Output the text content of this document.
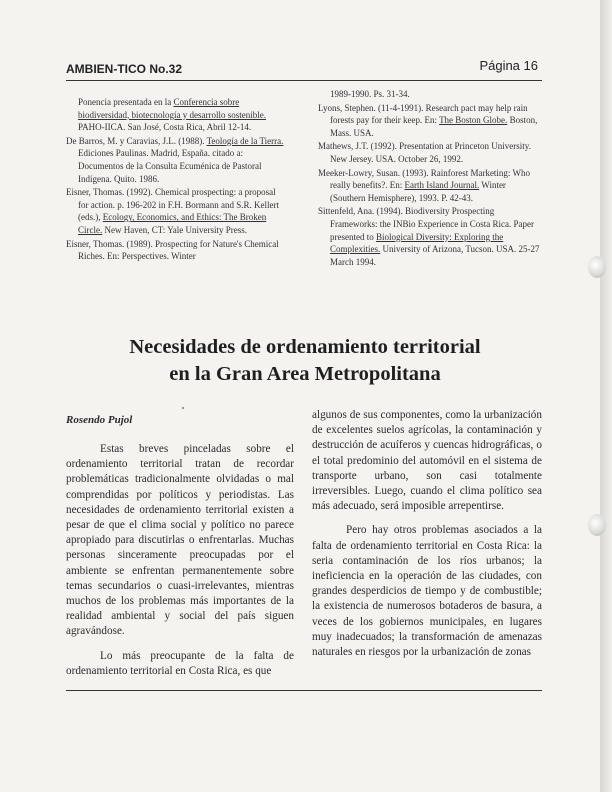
AMBIEN-TICO No.32	Página 16

Ponencia presentada en la Conferencia sobre biodiversidad, biotecnología y desarrollo sostenible. PAHO-IICA. San José, Costa Rica, Abril 12-14.

De Barros, M. y Caravias, J.L. (1988). Teología de la Tierra. Ediciones Paulinas. Madrid, España. citado a: Documentos de la Consulta Ecuménica de Pastoral Indígena. Quito. 1986.

Eisner, Thomas. (1992). Chemical prospecting: a proposal for action. p. 196-202 in F.H. Bormann and S.R. Kellert (eds.), Ecology, Economics, and Ethics: The Broken Circle. New Haven, CT: Yale University Press.

Eisner, Thomas. (1989). Prospecting for Nature's Chemical Riches. En: Perspectives. Winter

1989-1990. Ps. 31-34.

Lyons, Stephen. (11-4-1991). Research pact may help rain forests pay for their keep. En: The Boston Globe. Boston, Mass. USA.

Mathews, J.T. (1992). Presentation at Princeton University. New Jersey. USA. October 26, 1992.

Meeker-Lowry, Susan. (1993). Rainforest Marketing: Who really benefits?. En: Earth Island Journal. Winter (Southern Hemisphere), 1993. P. 42-43.

Sittenfeld, Ana. (1994). Biodiversity Prospecting Frameworks: the INBio Experience in Costa Rica. Paper presented to Biological Diversity: Exploring the Complexities. University of Arizona, Tucson. USA. 25-27 March 1994.

Necesidades de ordenamiento territorial
en la Gran Area Metropolitana
Rosendo Pujol

Estas breves pinceladas sobre el ordenamiento territorial tratan de recordar problemáticas tradicionalmente olvidadas o mal comprendidas por políticos y periodistas. Las necesidades de ordenamiento territorial existen a pesar de que el clima social y político no parece apropiado para discutirlas o enfrentarlas. Muchas personas sinceramente preocupadas por el ambiente se enfrentan permanentemente sobre temas secundarios o cuasi-irrelevantes, mientras muchos de los problemas más importantes de la realidad ambiental y social del país siguen agravándose.

Lo más preocupante de la falta de ordenamiento territorial en Costa Rica, es que

algunos de sus componentes, como la urbanización de excelentes suelos agrícolas, la contaminación y destrucción de acuíferos y cuencas hidrográficas, o el total predominio del automóvil en el sistema de transporte urbano, son casi totalmente irreversibles. Luego, cuando el clima político sea más adecuado, será imposible arrepentirse.

Pero hay otros problemas asociados a la falta de ordenamiento territorial en Costa Rica: la seria contaminación de los ríos urbanos; la ineficiencia en la operación de las ciudades, con grandes desperdicios de tiempo y de combustible; la existencia de numerosos botaderos de basura, a veces de los gobiernos municipales, en lugares muy inadecuados; la transformación de amenazas naturales en riesgos por la urbanización de zonas
